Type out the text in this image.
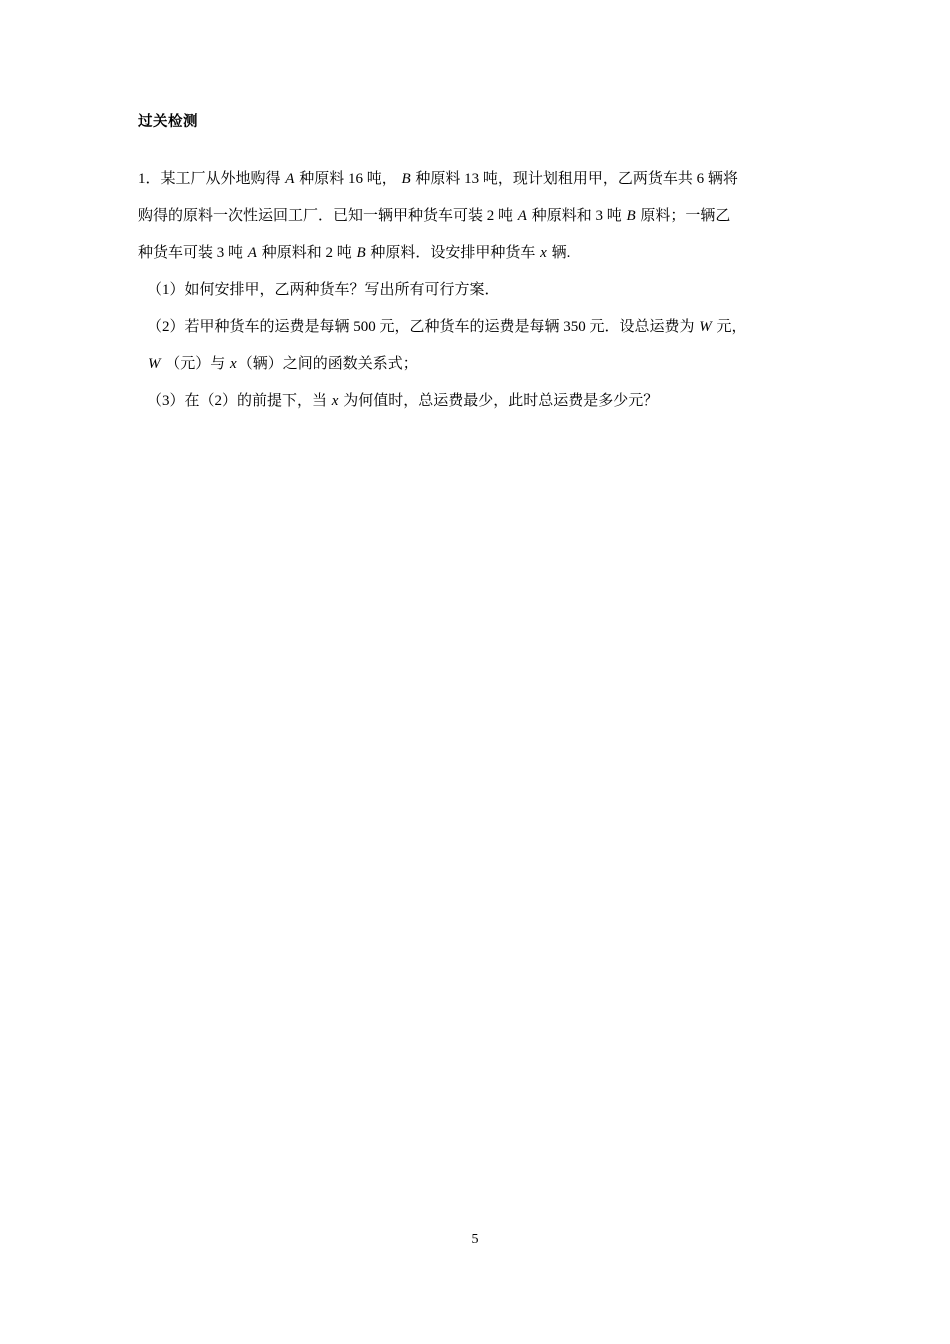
过关检测

1．某工厂从外地购得 A 种原料 16 吨， B 种原料 13 吨，现计划租用甲，乙两货车共 6 辆将

购得的原料一次性运回工厂．已知一辆甲种货车可装 2 吨 A 种原料和 3 吨 B 原料；一辆乙

种货车可装 3 吨 A 种原料和 2 吨 B 种原料．设安排甲种货车 x 辆.

（1）如何安排甲，乙两种货车？写出所有可行方案．

（2）若甲种货车的运费是每辆 500 元，乙种货车的运费是每辆 350 元．设总运费为 W 元，

W （元）与 x（辆）之间的函数关系式；

（3）在（2）的前提下，当 x 为何值时，总运费最少，此时总运费是多少元？

5
